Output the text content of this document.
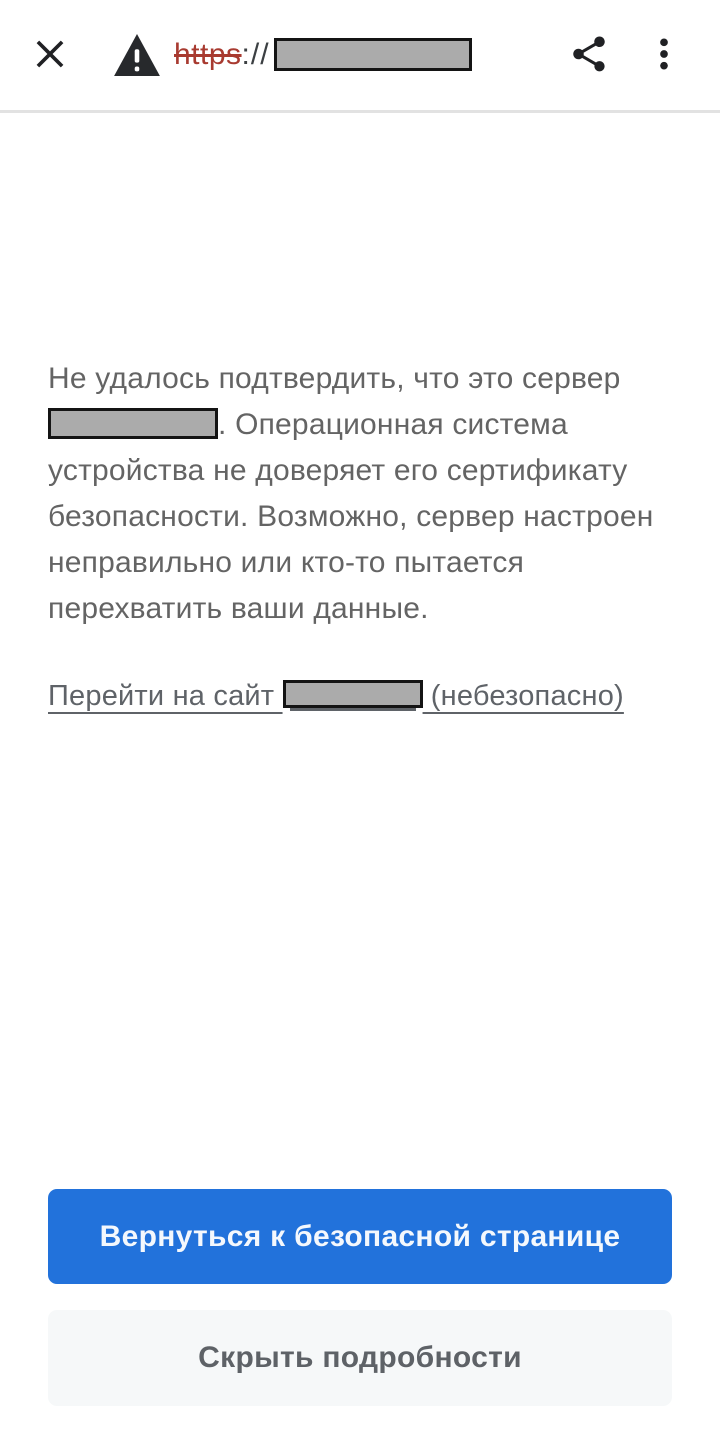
https ://

Не удалось подтвердить, что это сервер . Операционная система устройства не доверяет его сертификату безопасности. Возможно, сервер настроен неправильно или кто-то пытается перехватить ваши данные.

Перейти на сайт	(небезопасно)
Вернуться к безопасной странице
Скрыть подробности
